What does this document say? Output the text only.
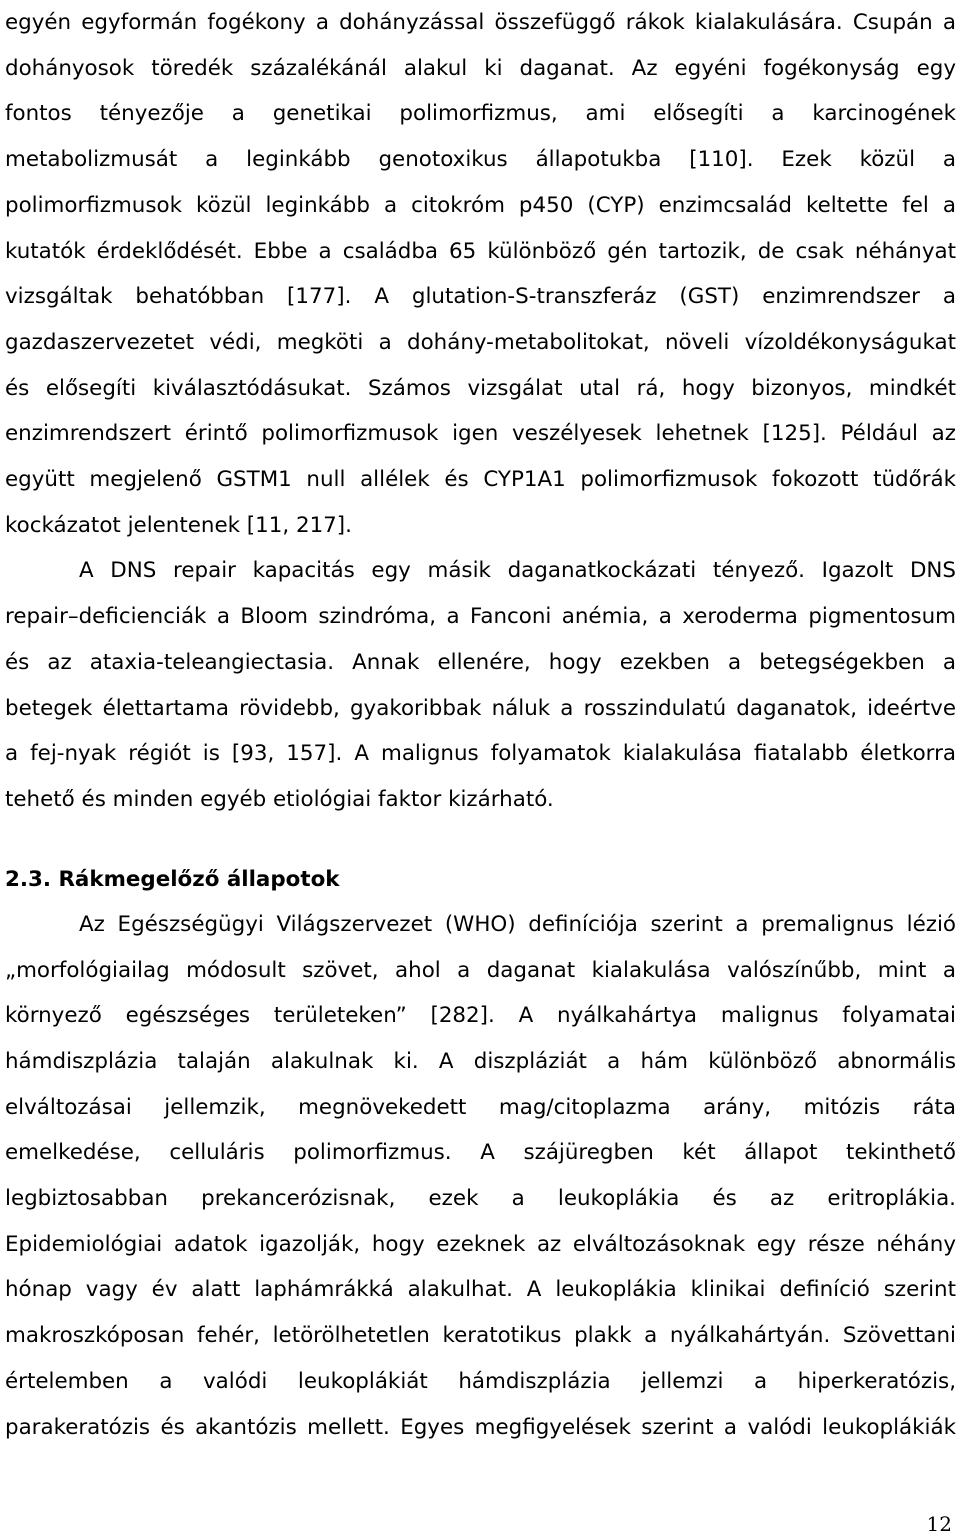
egyén egyformán fogékony a dohányzással összefüggő rákok kialakulására. Csupán a
dohányosok töredék százalékánál alakul ki daganat. Az egyéni fogékonyság egy
fontos tényezője a genetikai polimorfizmus, ami elősegíti a karcinogének
metabolizmusát a leginkább genotoxikus állapotukba [110]. Ezek közül a
polimorfizmusok közül leginkább a citokróm p450 (CYP) enzimcsalád keltette fel a
kutatók érdeklődését. Ebbe a családba 65 különböző gén tartozik, de csak néhányat
vizsgáltak behatóbban [177]. A glutation-S-transzferáz (GST) enzimrendszer a
gazdaszervezetet védi, megköti a dohány-metabolitokat, növeli vízoldékonyságukat
és elősegíti kiválasztódásukat. Számos vizsgálat utal rá, hogy bizonyos, mindkét
enzimrendszert érintő polimorfizmusok igen veszélyesek lehetnek [125]. Például az
együtt megjelenő GSTM1 null allélek és CYP1A1 polimorfizmusok fokozott tüdőrák
kockázatot jelentenek [11, 217].
A DNS repair kapacitás egy másik daganatkockázati tényező. Igazolt DNS
repair–deficienciák a Bloom szindróma, a Fanconi anémia, a xeroderma pigmentosum
és az ataxia-teleangiectasia. Annak ellenére, hogy ezekben a betegségekben a
betegek élettartama rövidebb, gyakoribbak náluk a rosszindulatú daganatok, ideértve
a fej-nyak régiót is [93, 157]. A malignus folyamatok kialakulása fiatalabb életkorra
tehető és minden egyéb etiológiai faktor kizárható.
2.3. Rákmegelőző állapotok
Az Egészségügyi Világszervezet (WHO) definíciója szerint a premalignus lézió
„morfológiailag módosult szövet, ahol a daganat kialakulása valószínűbb, mint a
környező egészséges területeken” [282]. A nyálkahártya malignus folyamatai
hámdiszplázia talaján alakulnak ki. A diszpláziát a hám különböző abnormális
elváltozásai jellemzik, megnövekedett mag/citoplazma arány, mitózis ráta
emelkedése, celluláris polimorfizmus. A szájüregben két állapot tekinthető
legbiztosabban prekancerózisnak, ezek a leukoplákia és az eritroplákia.
Epidemiológiai adatok igazolják, hogy ezeknek az elváltozásoknak egy része néhány
hónap vagy év alatt laphámrákká alakulhat. A leukoplákia klinikai definíció szerint
makroszkóposan fehér, letörölhetetlen keratotikus plakk a nyálkahártyán. Szövettani
értelemben a valódi leukoplákiát hámdiszplázia jellemzi a hiperkeratózis,
parakeratózis és akantózis mellett. Egyes megfigyelések szerint a valódi leukoplákiák
12
